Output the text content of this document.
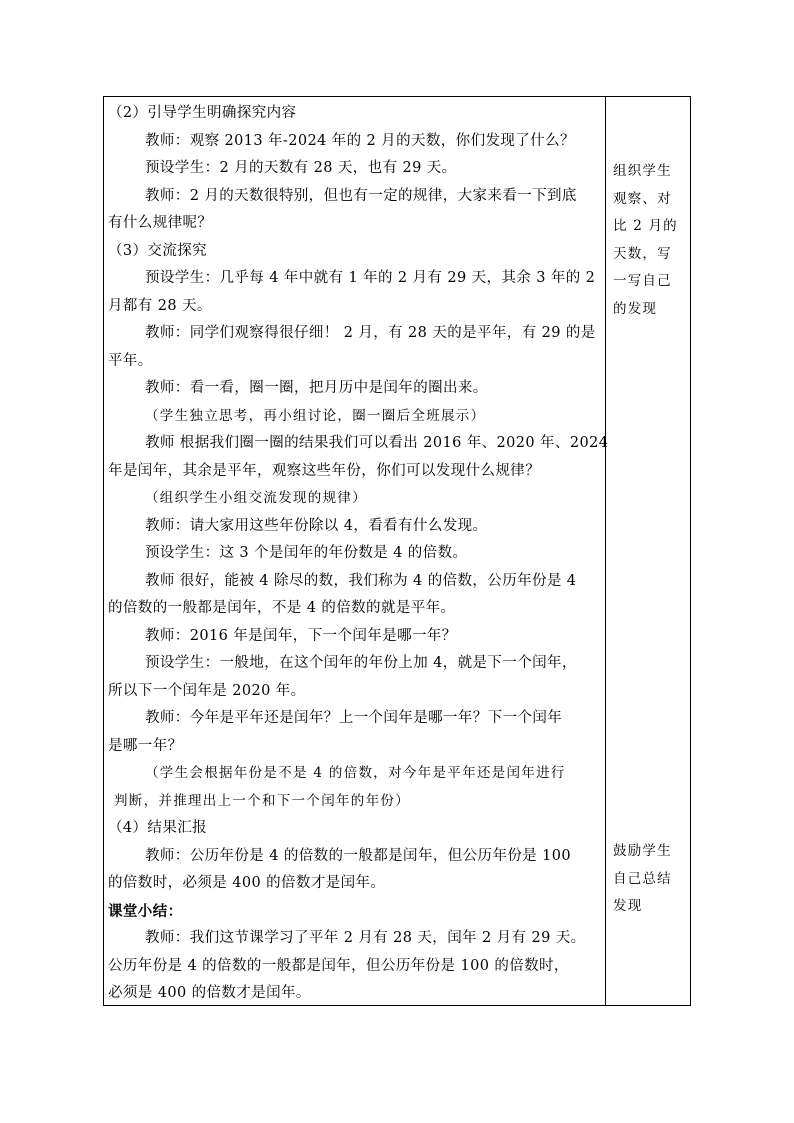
（2）引导学生明确探究内容
教师：观察 2013 年-2024 年的 2 月的天数，你们发现了什么？
预设学生：2 月的天数有 28 天，也有 29 天。
教师：2 月的天数很特别，但也有一定的规律，大家来看一下到底
有什么规律呢？
（3）交流探究
预设学生：几乎每 4 年中就有 1 年的 2 月有 29 天，其余 3 年的 2
月都有 28 天。
教师：同学们观察得很仔细！ 2 月，有 28 天的是平年，有 29 的是
平年。
教师：看一看，圈一圈，把月历中是闰年的圈出来。
（学生独立思考，再小组讨论，圈一圈后全班展示）
教师 根据我们圈一圈的结果我们可以看出 2016 年、2020 年、2024
年是闰年，其余是平年，观察这些年份，你们可以发现什么规律？
（组织学生小组交流发现的规律）
教师：请大家用这些年份除以 4，看看有什么发现。
预设学生：这 3 个是闰年的年份数是 4 的倍数。
教师 很好，能被 4 除尽的数，我们称为 4 的倍数，公历年份是 4
的倍数的一般都是闰年，不是 4 的倍数的就是平年。
教师：2016 年是闰年，下一个闰年是哪一年？
预设学生：一般地，在这个闰年的年份上加 4，就是下一个闰年，
所以下一个闰年是 2020 年。
教师：今年是平年还是闰年？上一个闰年是哪一年？下一个闰年
是哪一年？
（学生会根据年份是不是 4 的倍数，对今年是平年还是闰年进行
判断，并推理出上一个和下一个闰年的年份）
（4）结果汇报
教师：公历年份是 4 的倍数的一般都是闰年，但公历年份是 100
的倍数时，必须是 400 的倍数才是闰年。
课堂小结：
教师：我们这节课学习了平年 2 月有 28 天，闰年 2 月有 29 天。
公历年份是 4 的倍数的一般都是闰年，但公历年份是 100 的倍数时，
必须是 400 的倍数才是闰年。
组织学生
观察、对
比 2 月的
天数，写
一写自己
的发现
鼓励学生
自己总结
发现
